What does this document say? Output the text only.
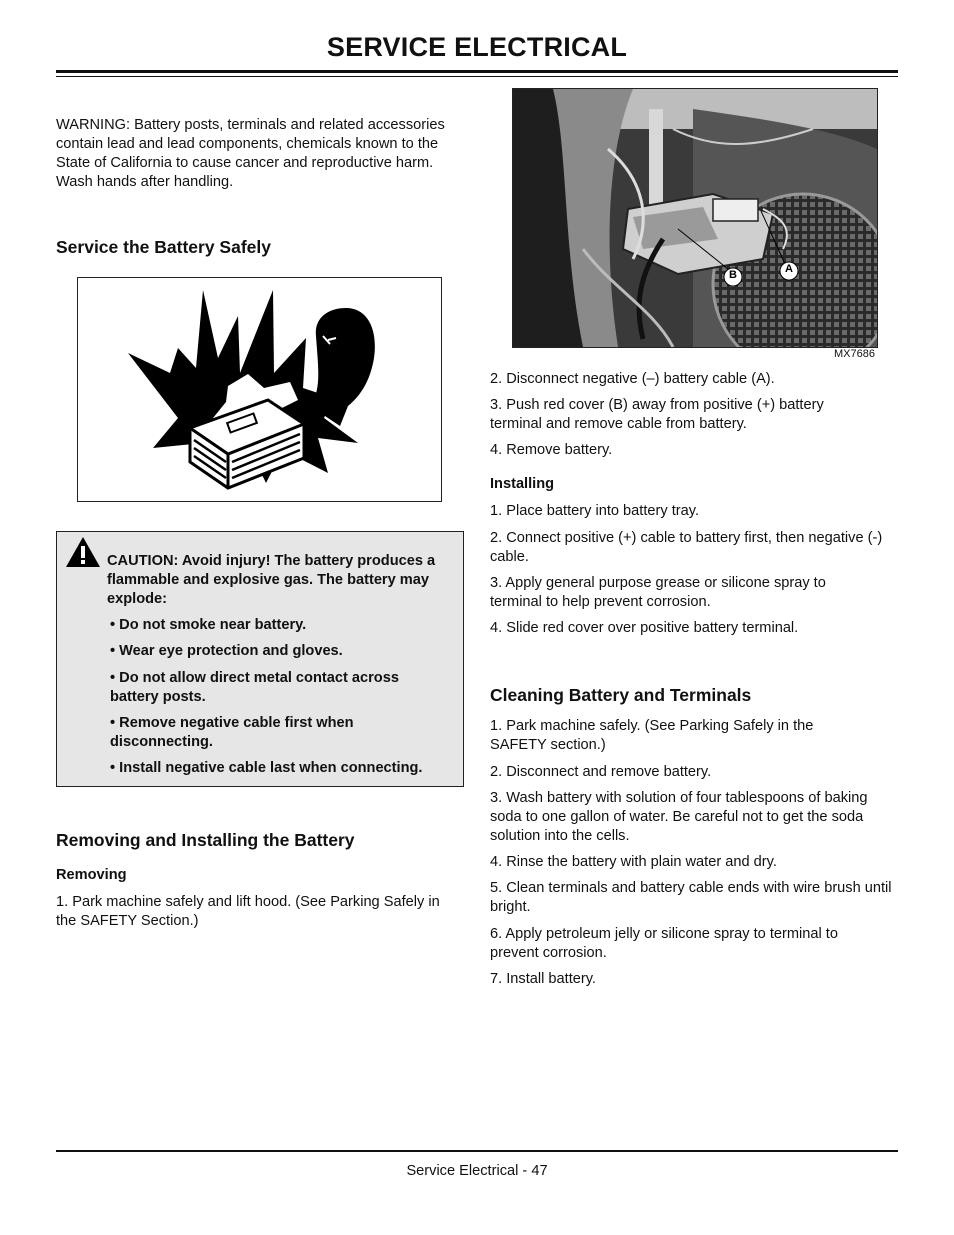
SERVICE ELECTRICAL
WARNING: Battery posts, terminals and related accessories contain lead and lead components, chemicals known to the State of California to cause cancer and reproductive harm. Wash hands after handling.
Service the Battery Safely
CAUTION: Avoid injury! The battery produces a flammable and explosive gas. The battery may explode:
• Do not smoke near battery.
• Wear eye protection and gloves.
• Do not allow direct metal contact across battery posts.
• Remove negative cable first when disconnecting.
• Install negative cable last when connecting.
Removing and Installing the Battery
Removing
1. Park machine safely and lift hood. (See Parking Safely in the SAFETY Section.)
B	A
MX7686
2. Disconnect negative (–) battery cable (A).
3. Push red cover (B) away from positive (+) battery terminal and remove cable from battery.
4. Remove battery.
Installing
1. Place battery into battery tray.
2. Connect positive (+) cable to battery first, then negative (-) cable.
3. Apply general purpose grease or silicone spray to terminal to help prevent corrosion.
4. Slide red cover over positive battery terminal.
Cleaning Battery and Terminals
1. Park machine safely. (See Parking Safely in the SAFETY section.)
2. Disconnect and remove battery.
3. Wash battery with solution of four tablespoons of baking soda to one gallon of water. Be careful not to get the soda solution into the cells.
4. Rinse the battery with plain water and dry.
5. Clean terminals and battery cable ends with wire brush until bright.
6. Apply petroleum jelly or silicone spray to terminal to prevent corrosion.
7. Install battery.
Service Electrical - 47
